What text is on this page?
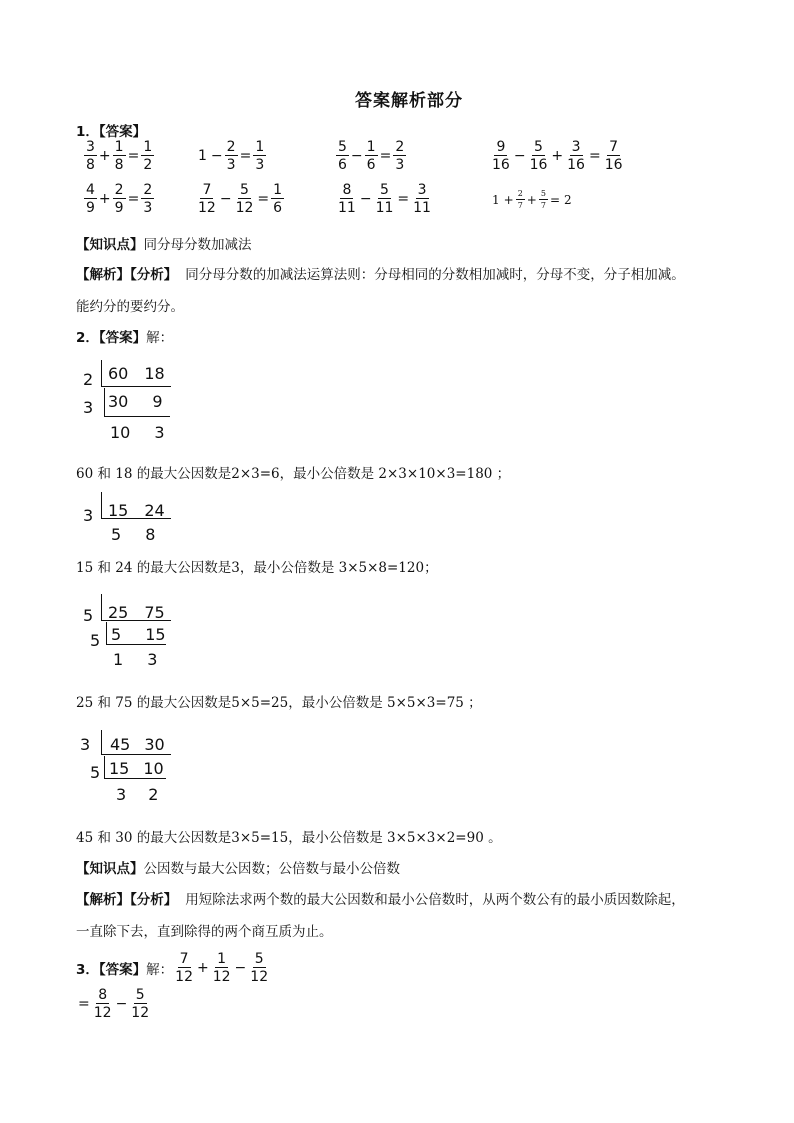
答案解析部分
1．【答案】
$\frac{3}{8} + \frac{1}{8} = \frac{1}{2}$	$1 - \frac{2}{3} = \frac{1}{3}$	$\frac{5}{6} - \frac{1}{6} = \frac{2}{3}$	$\frac{9}{16} - \frac{5}{16} + \frac{3}{16} = \frac{7}{16}$
$\frac{4}{9} + \frac{2}{9} = \frac{2}{3}$	$\frac{7}{12} - \frac{5}{12} = \frac{1}{6}$	$\frac{8}{11} - \frac{5}{11} = \frac{3}{11}$	$1 + \frac{2}{7} + \frac{5}{7} = 2$
【知识点】同分母分数加减法
【解析】【分析】 同分母分数的加减法运算法则：分母相同的分数相加减时，分母不变，分子相加减。
能约分的要约分。
2．【答案】解：
2 60 18
3 30 9
10 3
60 和 18 的最大公因数是2×3=6，最小公倍数是 2×3×10×3=180 ；
3 15 24
5 8
15 和 24 的最大公因数是3，最小公倍数是 3×5×8=120；
5 25 75
5 5 15
1 3
25 和 75 的最大公因数是5×5=25，最小公倍数是 5×5×3=75 ；
3 45 30
5 15 10
3 2
45 和 30 的最大公因数是3×5=15，最小公倍数是 3×5×3×2=90 。
【知识点】公因数与最大公因数；公倍数与最小公倍数
【解析】【分析】 用短除法求两个数的最大公因数和最小公倍数时，从两个数公有的最小质因数除起，
一直除下去，直到除得的两个商互质为止。
3．【答案】 解： $\frac{7}{12} + \frac{1}{12} - \frac{5}{12}$
= $\frac{8}{12} - \frac{5}{12}$
